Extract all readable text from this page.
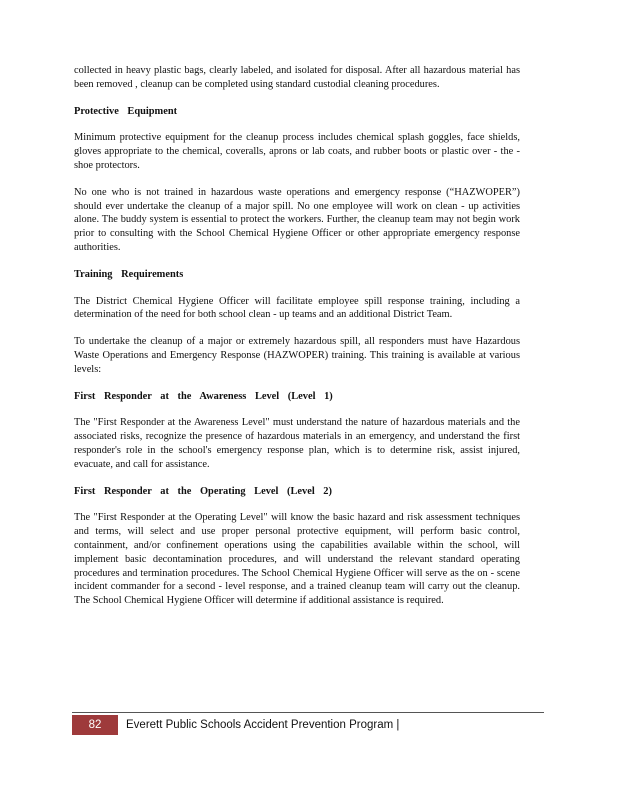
collected in heavy plastic bags, clearly labeled, and isolated for disposal. After all hazardous material has been removed , cleanup can be completed using standard custodial cleaning procedures.

Protective Equipment

Minimum protective equipment for the cleanup process includes chemical splash goggles, face shields, gloves appropriate to the chemical, coveralls, aprons or lab coats, and rubber boots or plastic over - the - shoe protectors.

No one who is not trained in hazardous waste operations and emergency response (“HAZWOPER”) should ever undertake the cleanup of a major spill. No one employee will work on clean - up activities alone. The buddy system is essential to protect the workers. Further, the cleanup team may not begin work prior to consulting with the School Chemical Hygiene Officer or other appropriate emergency response authorities.

Training Requirements

The District Chemical Hygiene Officer will facilitate employee spill response training, including a determination of the need for both school clean - up teams and an additional District Team.

To undertake the cleanup of a major or extremely hazardous spill, all responders must have Hazardous Waste Operations and Emergency Response (HAZWOPER) training. This training is available at various levels:

First Responder at the Awareness Level (Level 1)

The "First Responder at the Awareness Level" must understand the nature of hazardous materials and the associated risks, recognize the presence of hazardous materials in an emergency, and understand the first responder's role in the school's emergency response plan, which is to determine risk, assist injured, evacuate, and call for assistance.

First Responder at the Operating Level (Level 2)

The "First Responder at the Operating Level" will know the basic hazard and risk assessment techniques and terms, will select and use proper personal protective equipment, will perform basic control, containment, and/or confinement operations using the capabilities available within the school, will implement basic decontamination procedures, and will understand the relevant standard operating procedures and termination procedures. The School Chemical Hygiene Officer will serve as the on - scene incident commander for a second - level response, and a trained cleanup team will carry out the cleanup. The School Chemical Hygiene Officer will determine if additional assistance is required.

82	Everett Public Schools Accident Prevention Program |
